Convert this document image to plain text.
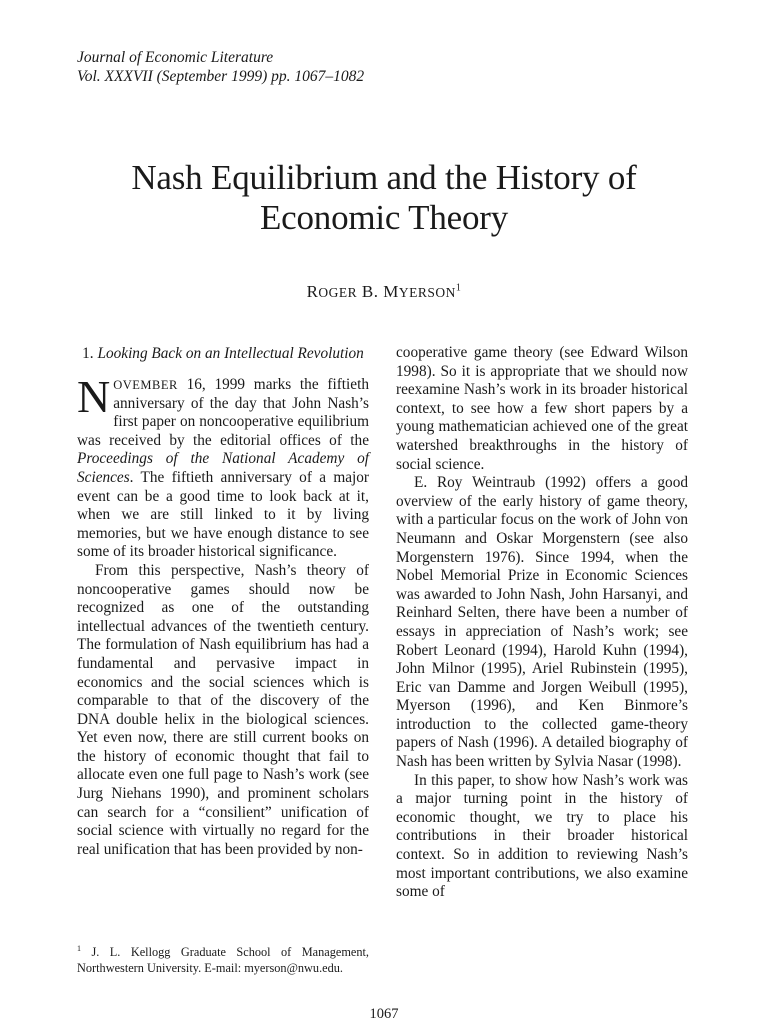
Journal of Economic Literature
Vol. XXXVII (September 1999) pp. 1067–1082
Nash Equilibrium and the History of
Economic Theory
ROGER B. MYERSON$^1$
1. Looking Back on an Intellectual Revolution

NOVEMBER 16, 1999 marks the fiftieth anniversary of the day that John Nash’s first paper on noncooperative equilibrium was received by the editorial offices of the Proceedings of the National Academy of Sciences. The fiftieth anniversary of a major event can be a good time to look back at it, when we are still linked to it by living memories, but we have enough distance to see some of its broader historical significance.

From this perspective, Nash’s theory of noncooperative games should now be recognized as one of the outstanding intellectual advances of the twentieth century. The formulation of Nash equilibrium has had a fundamental and pervasive impact in economics and the social sciences which is comparable to that of the discovery of the DNA double helix in the biological sciences. Yet even now, there are still current books on the history of economic thought that fail to allocate even one full page to Nash’s work (see Jurg Niehans 1990), and prominent scholars can search for a “consilient” unification of social science with virtually no regard for the real unification that has been provided by non-

cooperative game theory (see Edward Wilson 1998). So it is appropriate that we should now reexamine Nash’s work in its broader historical context, to see how a few short papers by a young mathematician achieved one of the great watershed breakthroughs in the history of social science.

E. Roy Weintraub (1992) offers a good overview of the early history of game theory, with a particular focus on the work of John von Neumann and Oskar Morgenstern (see also Morgenstern 1976). Since 1994, when the Nobel Memorial Prize in Economic Sciences was awarded to John Nash, John Harsanyi, and Reinhard Selten, there have been a number of essays in appreciation of Nash’s work; see Robert Leonard (1994), Harold Kuhn (1994), John Milnor (1995), Ariel Rubinstein (1995), Eric van Damme and Jorgen Weibull (1995), Myerson (1996), and Ken Binmore’s introduction to the collected game-theory papers of Nash (1996). A detailed biography of Nash has been written by Sylvia Nasar (1998).

In this paper, to show how Nash’s work was a major turning point in the history of economic thought, we try to place his contributions in their broader historical context. So in addition to reviewing Nash’s most important contributions, we also examine some of

$^1$ J. L. Kellogg Graduate School of Management, Northwestern University. E-mail: myerson@nwu.edu.
1067
